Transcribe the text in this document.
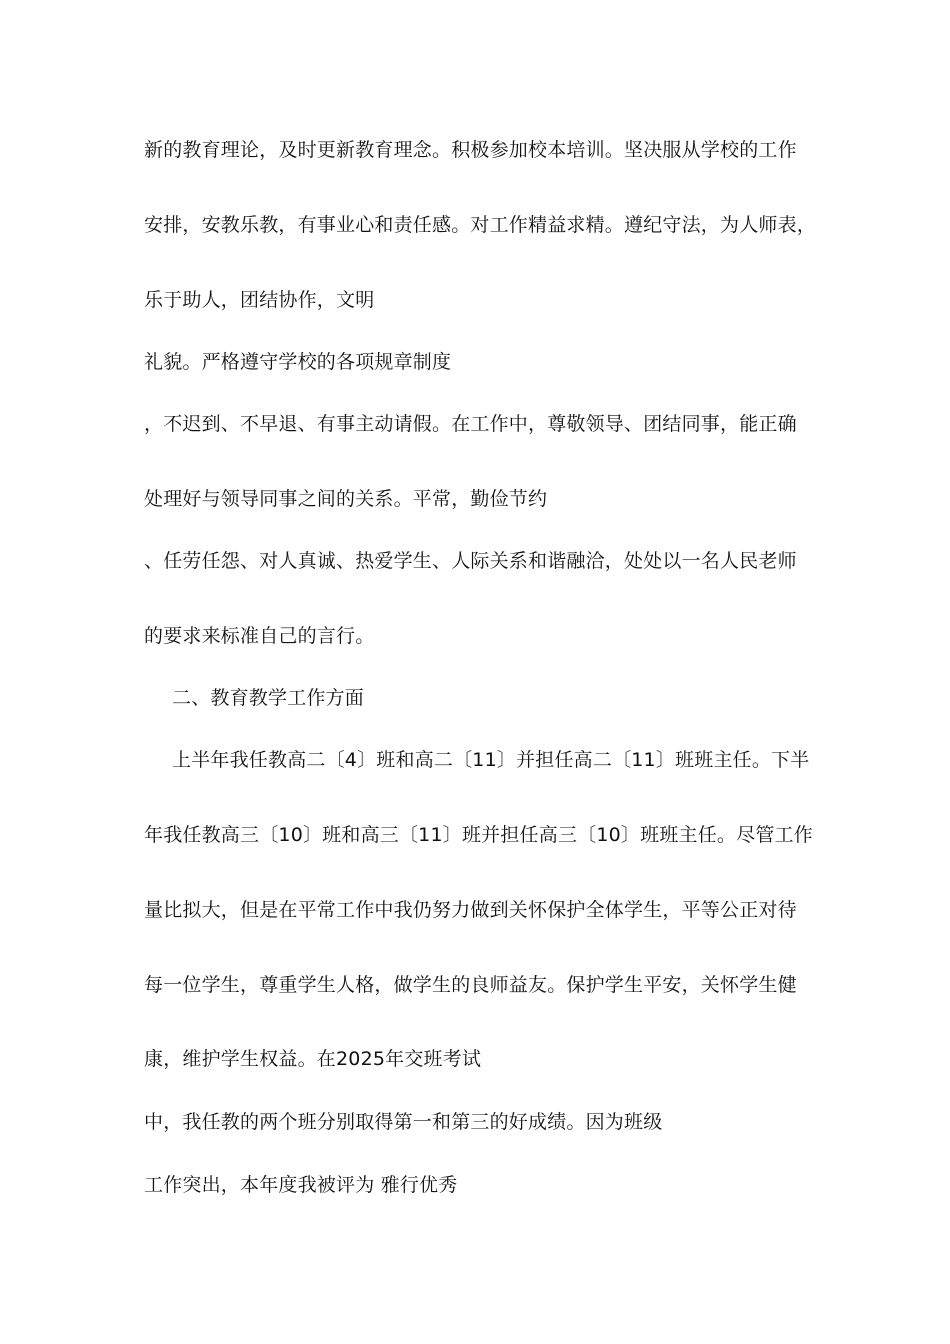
新的教育理论，及时更新教育理念。积极参加校本培训。坚决服从学校的工作
安排，安教乐教，有事业心和责任感。对工作精益求精。遵纪守法，为人师表，
乐于助人，团结协作，文明
礼貌。严格遵守学校的各项规章制度
，不迟到、不早退、有事主动请假。在工作中，尊敬领导、团结同事，能正确
处理好与领导同事之间的关系。平常，勤俭节约
、任劳任怨、对人真诚、热爱学生、人际关系和谐融洽，处处以一名人民老师
的要求来标准自己的言行。
二、教育教学工作方面
上半年我任教高二〔4〕班和高二〔11〕并担任高二〔11〕班班主任。下半
年我任教高三〔10〕班和高三〔11〕班并担任高三〔10〕班班主任。尽管工作
量比拟大，但是在平常工作中我仍努力做到关怀保护全体学生，平等公正对待
每一位学生，尊重学生人格，做学生的良师益友。保护学生平安，关怀学生健
康，维护学生权益。在2025年交班考试
中，我任教的两个班分别取得第一和第三的好成绩。因为班级
工作突出，本年度我被评为 雅行优秀
